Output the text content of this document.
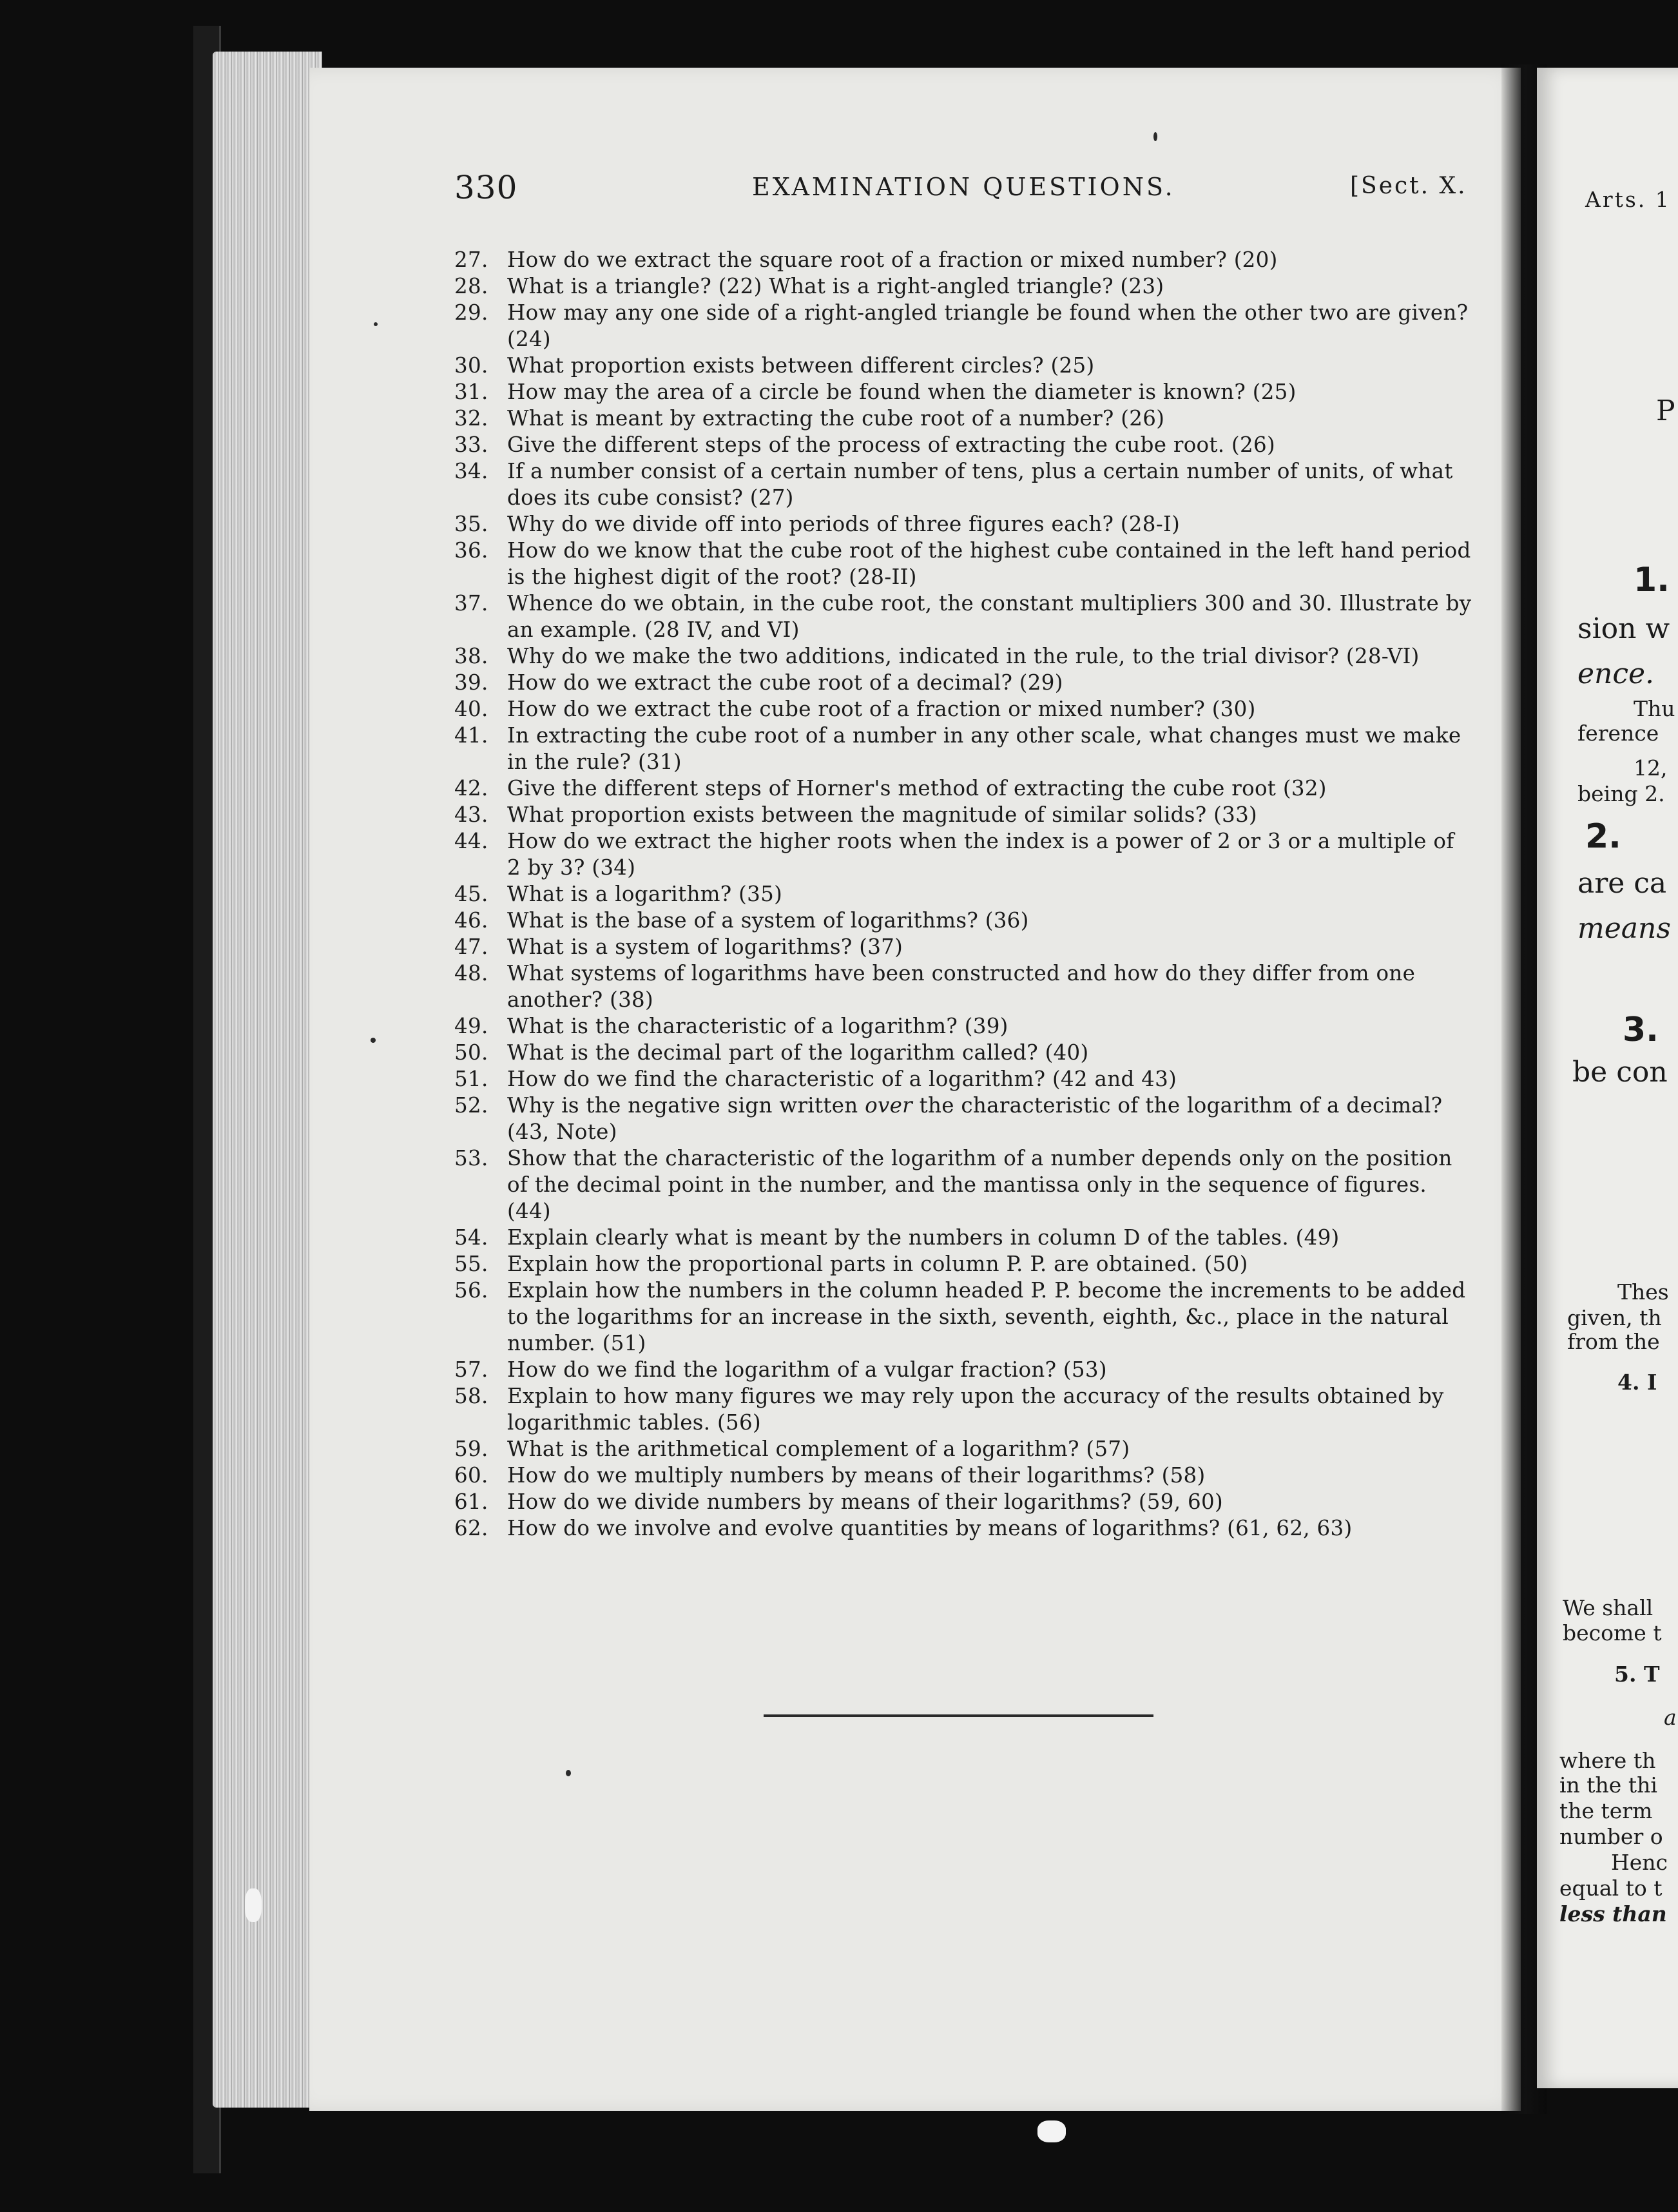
330	EXAMINATION QUESTIONS.	[Sect. X.
27. How do we extract the square root of a fraction or mixed number? (20)
28. What is a triangle? (22) What is a right-angled triangle? (23)
29. How may any one side of a right-angled triangle be found when the other two are given? (24)
30. What proportion exists between different circles? (25)
31. How may the area of a circle be found when the diameter is known? (25)
32. What is meant by extracting the cube root of a number? (26)
33. Give the different steps of the process of extracting the cube root. (26)
34. If a number consist of a certain number of tens, plus a certain number of units, of what does its cube consist? (27)
35. Why do we divide off into periods of three figures each? (28-I)
36. How do we know that the cube root of the highest cube contained in the left hand period is the highest digit of the root? (28-II)
37. Whence do we obtain, in the cube root, the constant multipliers 300 and 30. Illustrate by an example. (28 IV, and VI)
38. Why do we make the two additions, indicated in the rule, to the trial divisor? (28-VI)
39. How do we extract the cube root of a decimal? (29)
40. How do we extract the cube root of a fraction or mixed number? (30)
41. In extracting the cube root of a number in any other scale, what changes must we make in the rule? (31)
42. Give the different steps of Horner's method of extracting the cube root (32)
43. What proportion exists between the magnitude of similar solids? (33)
44. How do we extract the higher roots when the index is a power of 2 or 3 or a multiple of 2 by 3? (34)
45. What is a logarithm? (35)
46. What is the base of a system of logarithms? (36)
47. What is a system of logarithms? (37)
48. What systems of logarithms have been constructed and how do they differ from one another? (38)
49. What is the characteristic of a logarithm? (39)
50. What is the decimal part of the logarithm called? (40)
51. How do we find the characteristic of a logarithm? (42 and 43)
52. Why is the negative sign written over the characteristic of the logarithm of a decimal? (43, Note)
53. Show that the characteristic of the logarithm of a number depends only on the position of the decimal point in the number, and the mantissa only in the sequence of figures. (44)
54. Explain clearly what is meant by the numbers in column D of the tables. (49)
55. Explain how the proportional parts in column P. P. are obtained. (50)
56. Explain how the numbers in the column headed P. P. become the increments to be added to the logarithms for an increase in the sixth, seventh, eighth, &c., place in the natural number. (51)
57. How do we find the logarithm of a vulgar fraction? (53)
58. Explain to how many figures we may rely upon the accuracy of the results obtained by logarithmic tables. (56)
59. What is the arithmetical complement of a logarithm? (57)
60. How do we multiply numbers by means of their logarithms? (58)
61. How do we divide numbers by means of their logarithms? (59, 60)
62. How do we involve and evolve quantities by means of logarithms? (61, 62, 63)
Arts. 1
P
1.
sion w
ence.
Thu
ference
12,
being 2.
2.
are ca
means
3.
be con
Thes
given, th
from the
4. I
We shall
become t
5. T
a
where th
in the thi
the term
number o
Henc
equal to t
less than
